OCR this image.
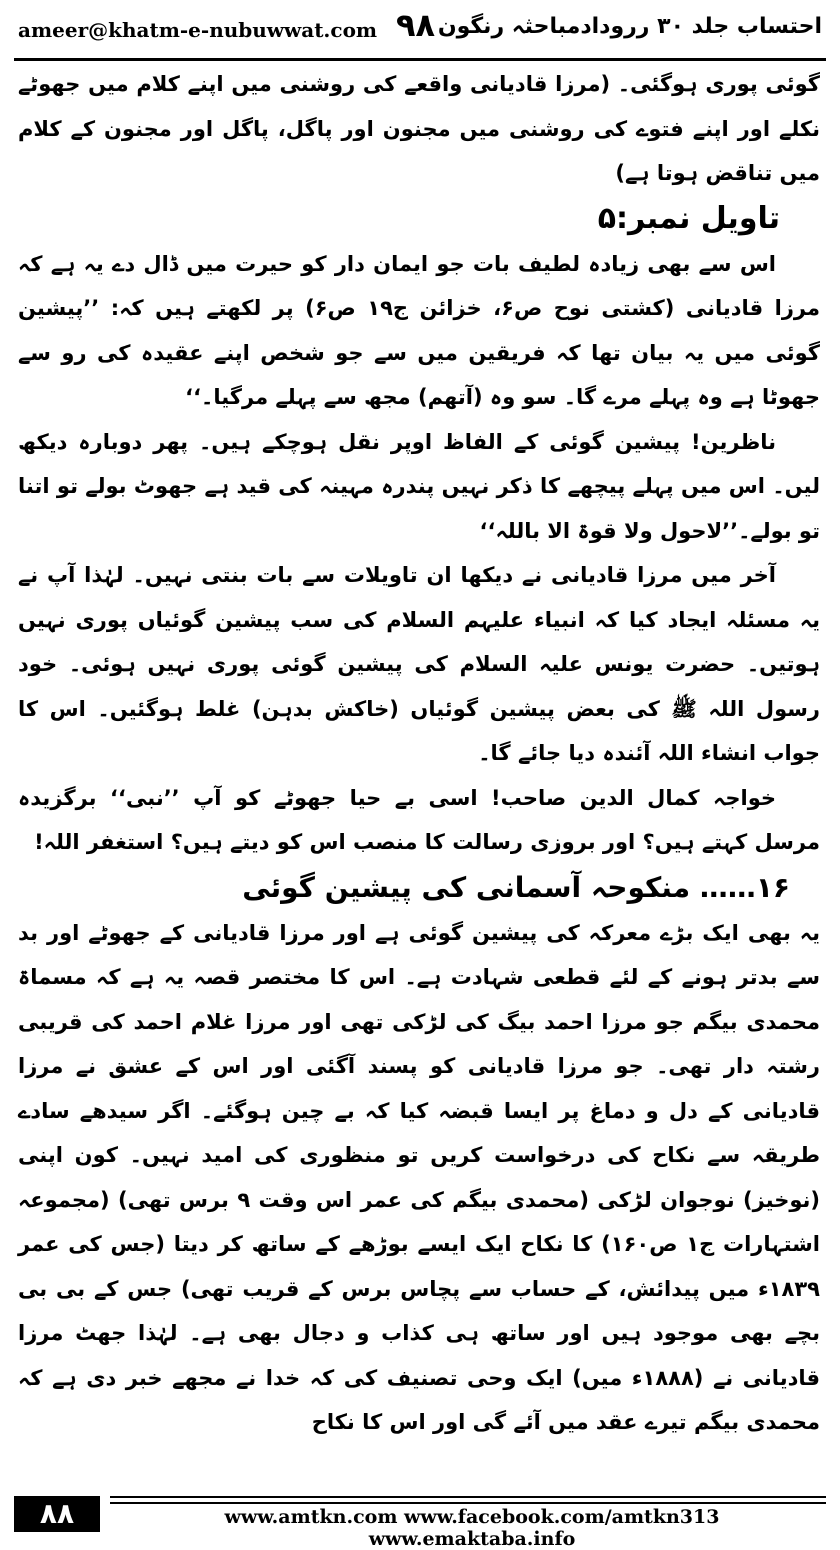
ameer@khatm-e-nubuwwat.com ۹۸ احتساب جلد ۳۰ ررودادمباحثہ رنگون

گوئی پوری ہوگئی۔ (مرزا قادیانی واقعے کی روشنی میں اپنے کلام میں جھوٹے نکلے اور اپنے فتوے کی روشنی میں مجنون اور پاگل، پاگل اور مجنون کے کلام میں تناقض ہوتا ہے)

تاویل نمبر:۵

اس سے بھی زیادہ لطیف بات جو ایمان دار کو حیرت میں ڈال دے یہ ہے کہ مرزا قادیانی (کشتی نوح ص۶، خزائن ج۱۹ ص۶) پر لکھتے ہیں کہ: ’’پیشین گوئی میں یہ بیان تھا کہ فریقین میں سے جو شخص اپنے عقیدہ کی رو سے جھوٹا ہے وہ پہلے مرے گا۔ سو وہ (آتھم) مجھ سے پہلے مرگیا۔‘‘

ناظرین! پیشین گوئی کے الفاظ اوپر نقل ہوچکے ہیں۔ پھر دوبارہ دیکھ لیں۔ اس میں پہلے پیچھے کا ذکر نہیں پندرہ مہینہ کی قید ہے جھوٹ بولے تو اتنا تو بولے۔’’لاحول ولا قوۃ الا باللہ‘‘

آخر میں مرزا قادیانی نے دیکھا ان تاویلات سے بات بنتی نہیں۔ لہٰذا آپ نے یہ مسئلہ ایجاد کیا کہ انبیاء علیہم السلام کی سب پیشین گوئیاں پوری نہیں ہوتیں۔ حضرت یونس علیہ السلام کی پیشین گوئی پوری نہیں ہوئی۔ خود رسول اللہ ﷺ کی بعض پیشین گوئیاں (خاکش بدہن) غلط ہوگئیں۔ اس کا جواب انشاء اللہ آئندہ دیا جائے گا۔

خواجہ کمال الدین صاحب! اسی بے حیا جھوٹے کو آپ ’’نبی‘‘ برگزیدہ مرسل کہتے ہیں؟ اور بروزی رسالت کا منصب اس کو دیتے ہیں؟ استغفر اللہ!

۱۶…… منکوحہ آسمانی کی پیشین گوئی

یہ بھی ایک بڑے معرکہ کی پیشین گوئی ہے اور مرزا قادیانی کے جھوٹے اور بد سے بدتر ہونے کے لئے قطعی شہادت ہے۔ اس کا مختصر قصہ یہ ہے کہ مسماۃ محمدی بیگم جو مرزا احمد بیگ کی لڑکی تھی اور مرزا غلام احمد کی قریبی رشتہ دار تھی۔ جو مرزا قادیانی کو پسند آگئی اور اس کے عشق نے مرزا قادیانی کے دل و دماغ پر ایسا قبضہ کیا کہ بے چین ہوگئے۔ اگر سیدھے سادے طریقہ سے نکاح کی درخواست کریں تو منظوری کی امید نہیں۔ کون اپنی (نوخیز) نوجوان لڑکی (محمدی بیگم کی عمر اس وقت ۹ برس تھی) (مجموعہ اشتہارات ج۱ ص۱۶۰) کا نکاح ایک ایسے بوڑھے کے ساتھ کر دیتا (جس کی عمر ۱۸۳۹ء میں پیدائش، کے حساب سے پچاس برس کے قریب تھی) جس کے بی بی بچے بھی موجود ہیں اور ساتھ ہی کذاب و دجال بھی ہے۔ لہٰذا جھٹ مرزا قادیانی نے (۱۸۸۸ء میں) ایک وحی تصنیف کی کہ خدا نے مجھے خبر دی ہے کہ محمدی بیگم تیرے عقد میں آئے گی اور اس کا نکاح

۸۸	www.amtkn.com www.facebook.com/amtkn313 www.emaktaba.info
